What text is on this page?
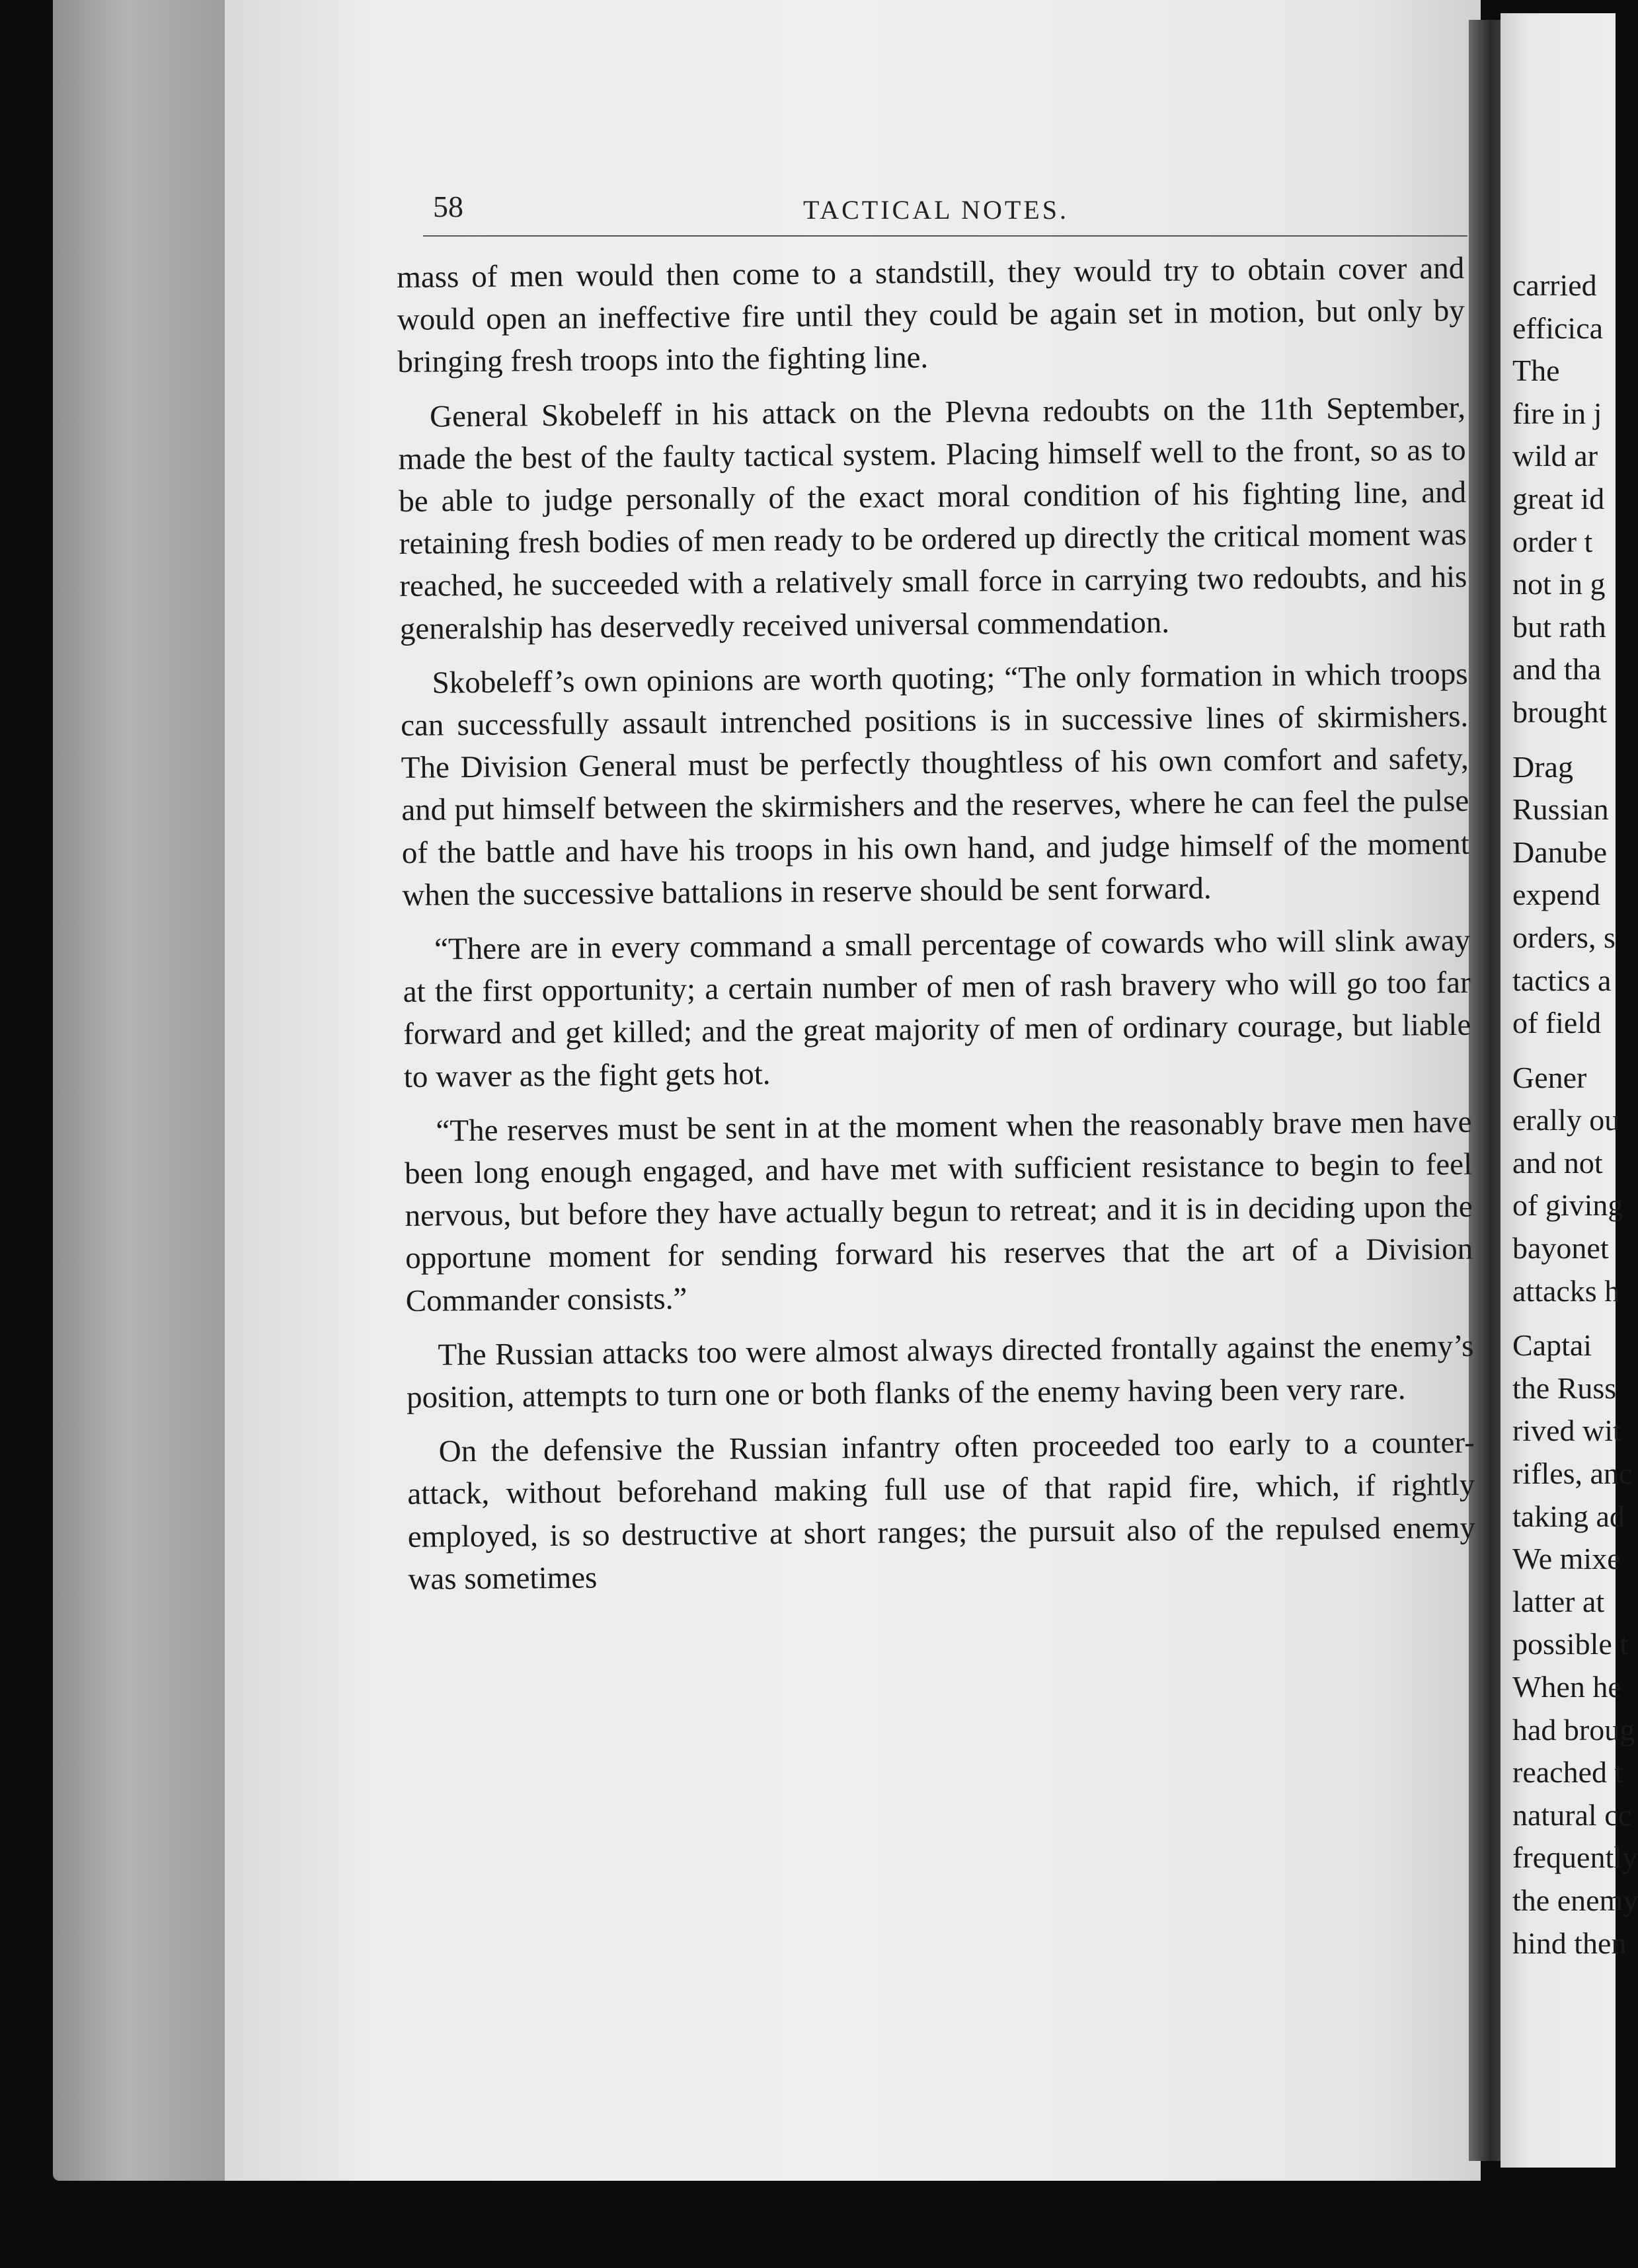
58	TACTICAL NOTES.

mass of men would then come to a standstill, they would try to obtain cover and would open an ineffective fire until they could be again set in motion, but only by bringing fresh troops into the fighting line.

General Skobeleff in his attack on the Plevna redoubts on the 11th September, made the best of the faulty tactical system. Placing himself well to the front, so as to be able to judge personally of the exact moral condition of his fighting line, and retaining fresh bodies of men ready to be ordered up directly the critical moment was reached, he succeeded with a relatively small force in carrying two redoubts, and his generalship has deservedly received universal commendation.

Skobeleff’s own opinions are worth quoting; “The only formation in which troops can successfully assault intrenched positions is in successive lines of skirmishers. The Division General must be perfectly thoughtless of his own comfort and safety, and put himself between the skirmishers and the reserves, where he can feel the pulse of the battle and have his troops in his own hand, and judge himself of the moment when the successive battalions in reserve should be sent forward.

“There are in every command a small percentage of cowards who will slink away at the first opportunity; a certain number of men of rash bravery who will go too far forward and get killed; and the great majority of men of ordinary courage, but liable to waver as the fight gets hot.

“The reserves must be sent in at the moment when the reasonably brave men have been long enough engaged, and have met with sufficient resistance to begin to feel nervous, but before they have actually begun to retreat; and it is in deciding upon the opportune moment for sending forward his reserves that the art of a Division Commander consists.”

The Russian attacks too were almost always directed frontally against the enemy’s position, attempts to turn one or both flanks of the enemy having been very rare.

On the defensive the Russian infantry often proceeded too early to a counter-attack, without beforehand making full use of that rapid fire, which, if rightly employed, is so destructive at short ranges; the pursuit also of the repulsed enemy was sometimes

carried
efficica
The
fire in j
wild ar
great id
order t
not in g
but rath
and tha
brought
Drag
Russian
Danube
expend
orders, s
tactics a
of field
Gener
erally ou
and not
of giving
bayonet
attacks h
Captai
the Russ
rived wit
rifles, anc
taking ad
We mixe
latter at
possible t
When he
had broug
reached t
natural cc
frequently
the enemy
hind then
